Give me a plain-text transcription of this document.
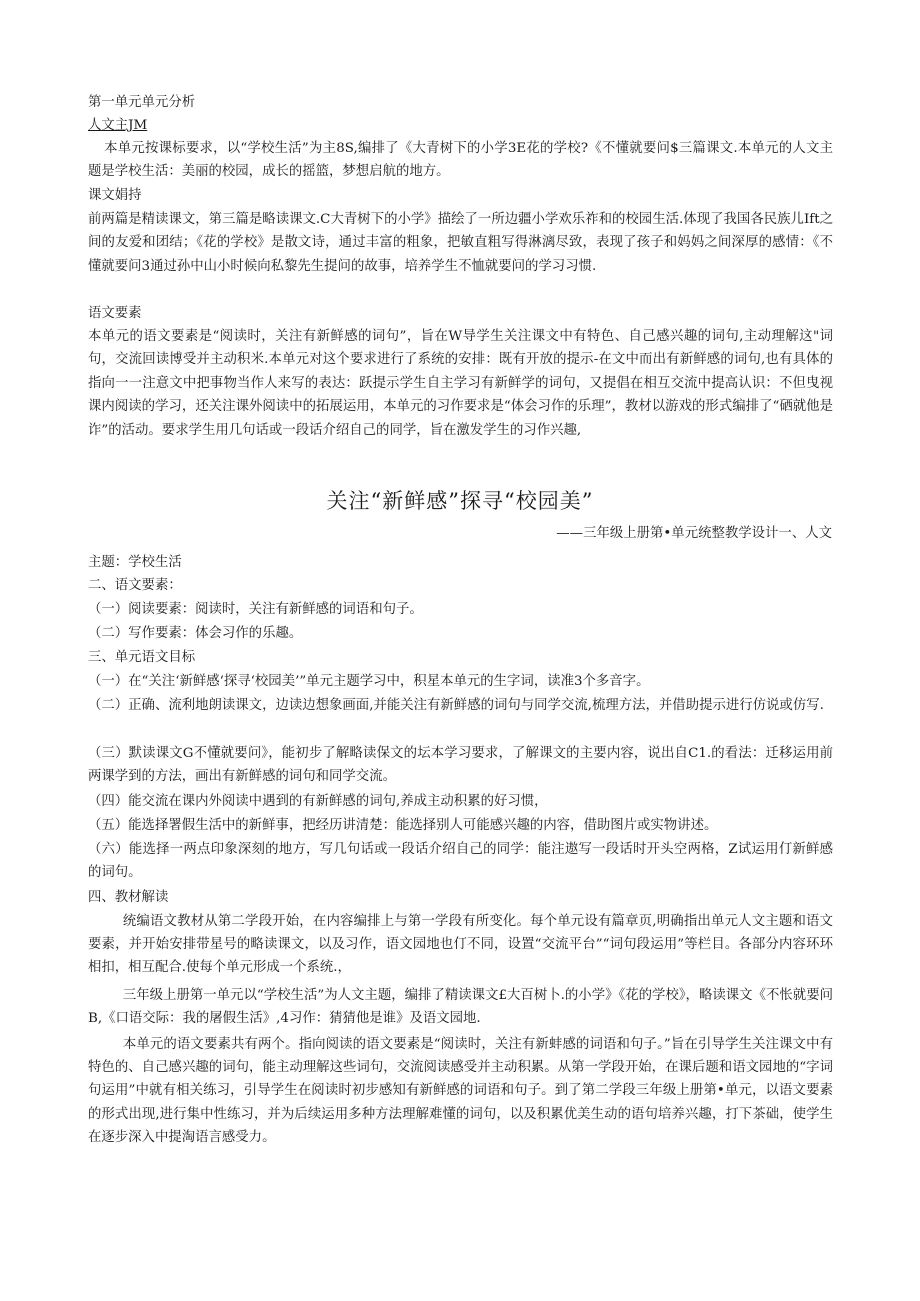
第一单元单元分析

人文主JM

本单元按课标要求，以“学校生活”为主8S,编排了《大青树下的小学3E花的学校?《不懂就要问$三篇课文.本单元的人文主题是学校生活：美丽的校园，成长的摇篮，梦想启航的地方。

课文娟持

前两篇是精读课文，第三篇是略读课文.C大青树下的小学》描绘了一所边疆小学欢乐祚和的校园生活.体现了我国各民族儿Ift之间的友爱和团结；《花的学校》是散文诗，通过丰富的粗象，把敏直粗写得淋漓尽致，表现了孩子和妈妈之间深厚的感情：《不懂就要问3通过孙中山小时候向私黎先生提问的故事，培养学生不恤就要问的学习习惯.

语文要素

本单元的语文要素是“阅读时，关注有新鲜感的词句”，旨在W导学生关注课文中有特色、自己感兴趣的词句,主动理解这"词句，交流回读博受并主动积米.本单元对这个要求进行了系统的安排：既有开放的提示-在文中而出有新鲜感的词句,也有具体的指向一一注意文中把事物当作人来写的表达：跃提示学生自主学习有新鲜学的词句，又提倡在相互交流中提高认识：不但曳视课内阅读的学习，还关注课外阅读中的拓展运用，本单元的习作要求是“体会习作的乐理”，教材以游戏的形式编排了“硒就他是诈”的活动。要求学生用几句话或一段话介绍自己的同学，旨在激发学生的习作兴趣,

关注“新鲜感”探寻“校园美”
——三年级上册第•单元统整教学设计一、人文

主题：学校生活

二、语文要素：

（一）阅读要素：阅读时，关注有新鲜感的词语和句子。

（二）写作要素：体会习作的乐趣。

三、单元语文目标

（一）在“关注‘新鲜感‘探寻‘校园美’”单元主题学习中，积星本单元的生字词，读准3个多音字。

（二）正确、流利地朗读课文，边读边想象画面,并能关注有新鲜感的词句与同学交流,梳理方法，并借助提示进行仿说或仿写.

（三）默读课文G不懂就要问》，能初步了解略读保文的坛本学习要求，了解课文的主要内容，说出自C1.的看法：迁移运用前两课学到的方法，画出有新鲜感的词句和同学交流。

（四）能交流在课内外阅读中遇到的有新鲜感的词句,养成主动积累的好习惯，

（五）能选择署假生活中的新鲜事，把经历讲清楚：能选择别人可能感兴趣的内容，借助图片或实物讲述。

（六）能选择一两点印象深刻的地方，写几句话或一段话介绍自己的同学：能注遨写一段话时开头空两格，Z试运用仃新鲜感的词句。

四、教材解读

统编语文教材从第二学段开始，在内容编排上与第一学段有所变化。每个单元设有篇章页,明确指出单元人文主题和语文要素，并开始安排带星号的略读课文，以及习作，语文园地也仃不同，设置“交流平台”“词句段运用”等栏目。各部分内容环环相扣，相互配合.使每个单元形成一个系统.，

三年级上册第一单元以“学校生活”为人文主题，编排了精读课文£大百树卜.的小学》《花的学校》，略读课文《不怅就要问B,《口语交际：我的屠假生活》,4习作：猜猜他是谁》及语文园地.

本单元的语文要素共有两个。指向阅读的语文要素是“阅读时，关注有新蚌感的词语和句子。”旨在引导学生关注课文中有特色的、自己感兴趣的词句，能主动理解这些词句，交流阅读感受并主动积累。从第一学段开始，在课后题和语文园地的“字词句运用”中就有相关练习，引导学生在阅读时初步感知有新鲜感的词语和句子。到了第二学段三年级上册第•单元，以语文要素的形式出现,进行集中性练习，并为后续运用多种方法理解难懂的词句，以及积累优美生动的语句培养兴趣，打下茶础，使学生在逐步深入中提淘语言感受力。
